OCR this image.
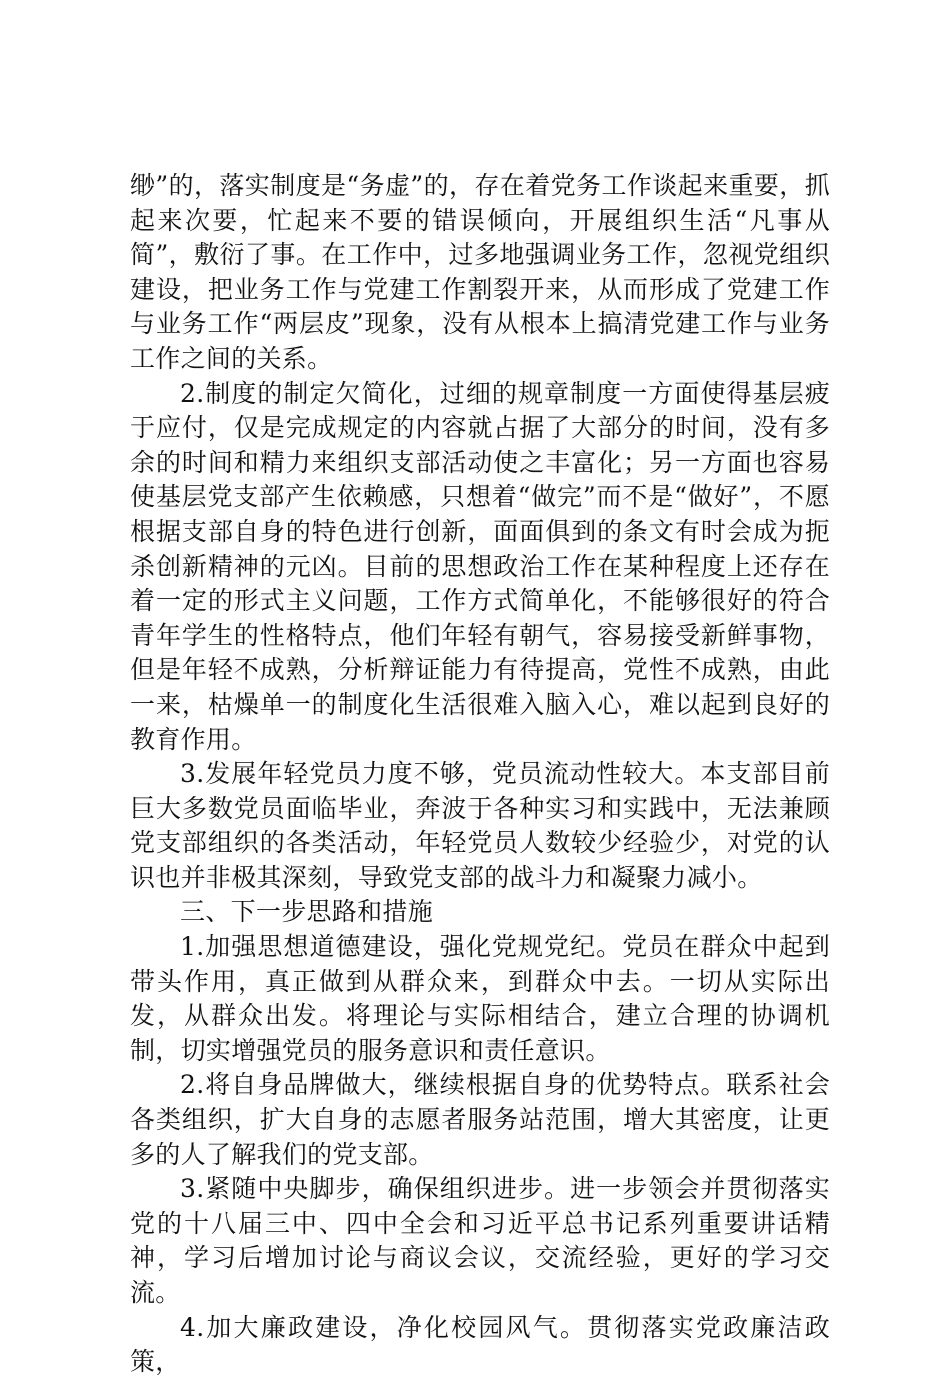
缈”的，落实制度是“务虚”的，存在着党务工作谈起来重要，抓起来次要，忙起来不要的错误倾向，开展组织生活“凡事从简”，敷衍了事。在工作中，过多地强调业务工作，忽视党组织建设，把业务工作与党建工作割裂开来，从而形成了党建工作与业务工作“两层皮”现象，没有从根本上搞清党建工作与业务工作之间的关系。

2.制度的制定欠简化，过细的规章制度一方面使得基层疲于应付，仅是完成规定的内容就占据了大部分的时间，没有多余的时间和精力来组织支部活动使之丰富化；另一方面也容易使基层党支部产生依赖感，只想着“做完”而不是“做好”，不愿根据支部自身的特色进行创新，面面俱到的条文有时会成为扼杀创新精神的元凶。目前的思想政治工作在某种程度上还存在着一定的形式主义问题，工作方式简单化，不能够很好的符合青年学生的性格特点，他们年轻有朝气，容易接受新鲜事物，但是年轻不成熟，分析辩证能力有待提高，党性不成熟，由此一来，枯燥单一的制度化生活很难入脑入心，难以起到良好的教育作用。

3.发展年轻党员力度不够，党员流动性较大。本支部目前巨大多数党员面临毕业，奔波于各种实习和实践中，无法兼顾党支部组织的各类活动，年轻党员人数较少经验少，对党的认识也并非极其深刻，导致党支部的战斗力和凝聚力减小。

三、下一步思路和措施

1.加强思想道德建设，强化党规党纪。党员在群众中起到带头作用，真正做到从群众来，到群众中去。一切从实际出发，从群众出发。将理论与实际相结合，建立合理的协调机制，切实增强党员的服务意识和责任意识。

2.将自身品牌做大，继续根据自身的优势特点。联系社会各类组织，扩大自身的志愿者服务站范围，增大其密度，让更多的人了解我们的党支部。

3.紧随中央脚步，确保组织进步。进一步领会并贯彻落实党的十八届三中、四中全会和习近平总书记系列重要讲话精神，学习后增加讨论与商议会议，交流经验，更好的学习交流。

4.加大廉政建设，净化校园风气。贯彻落实党政廉洁政策，
